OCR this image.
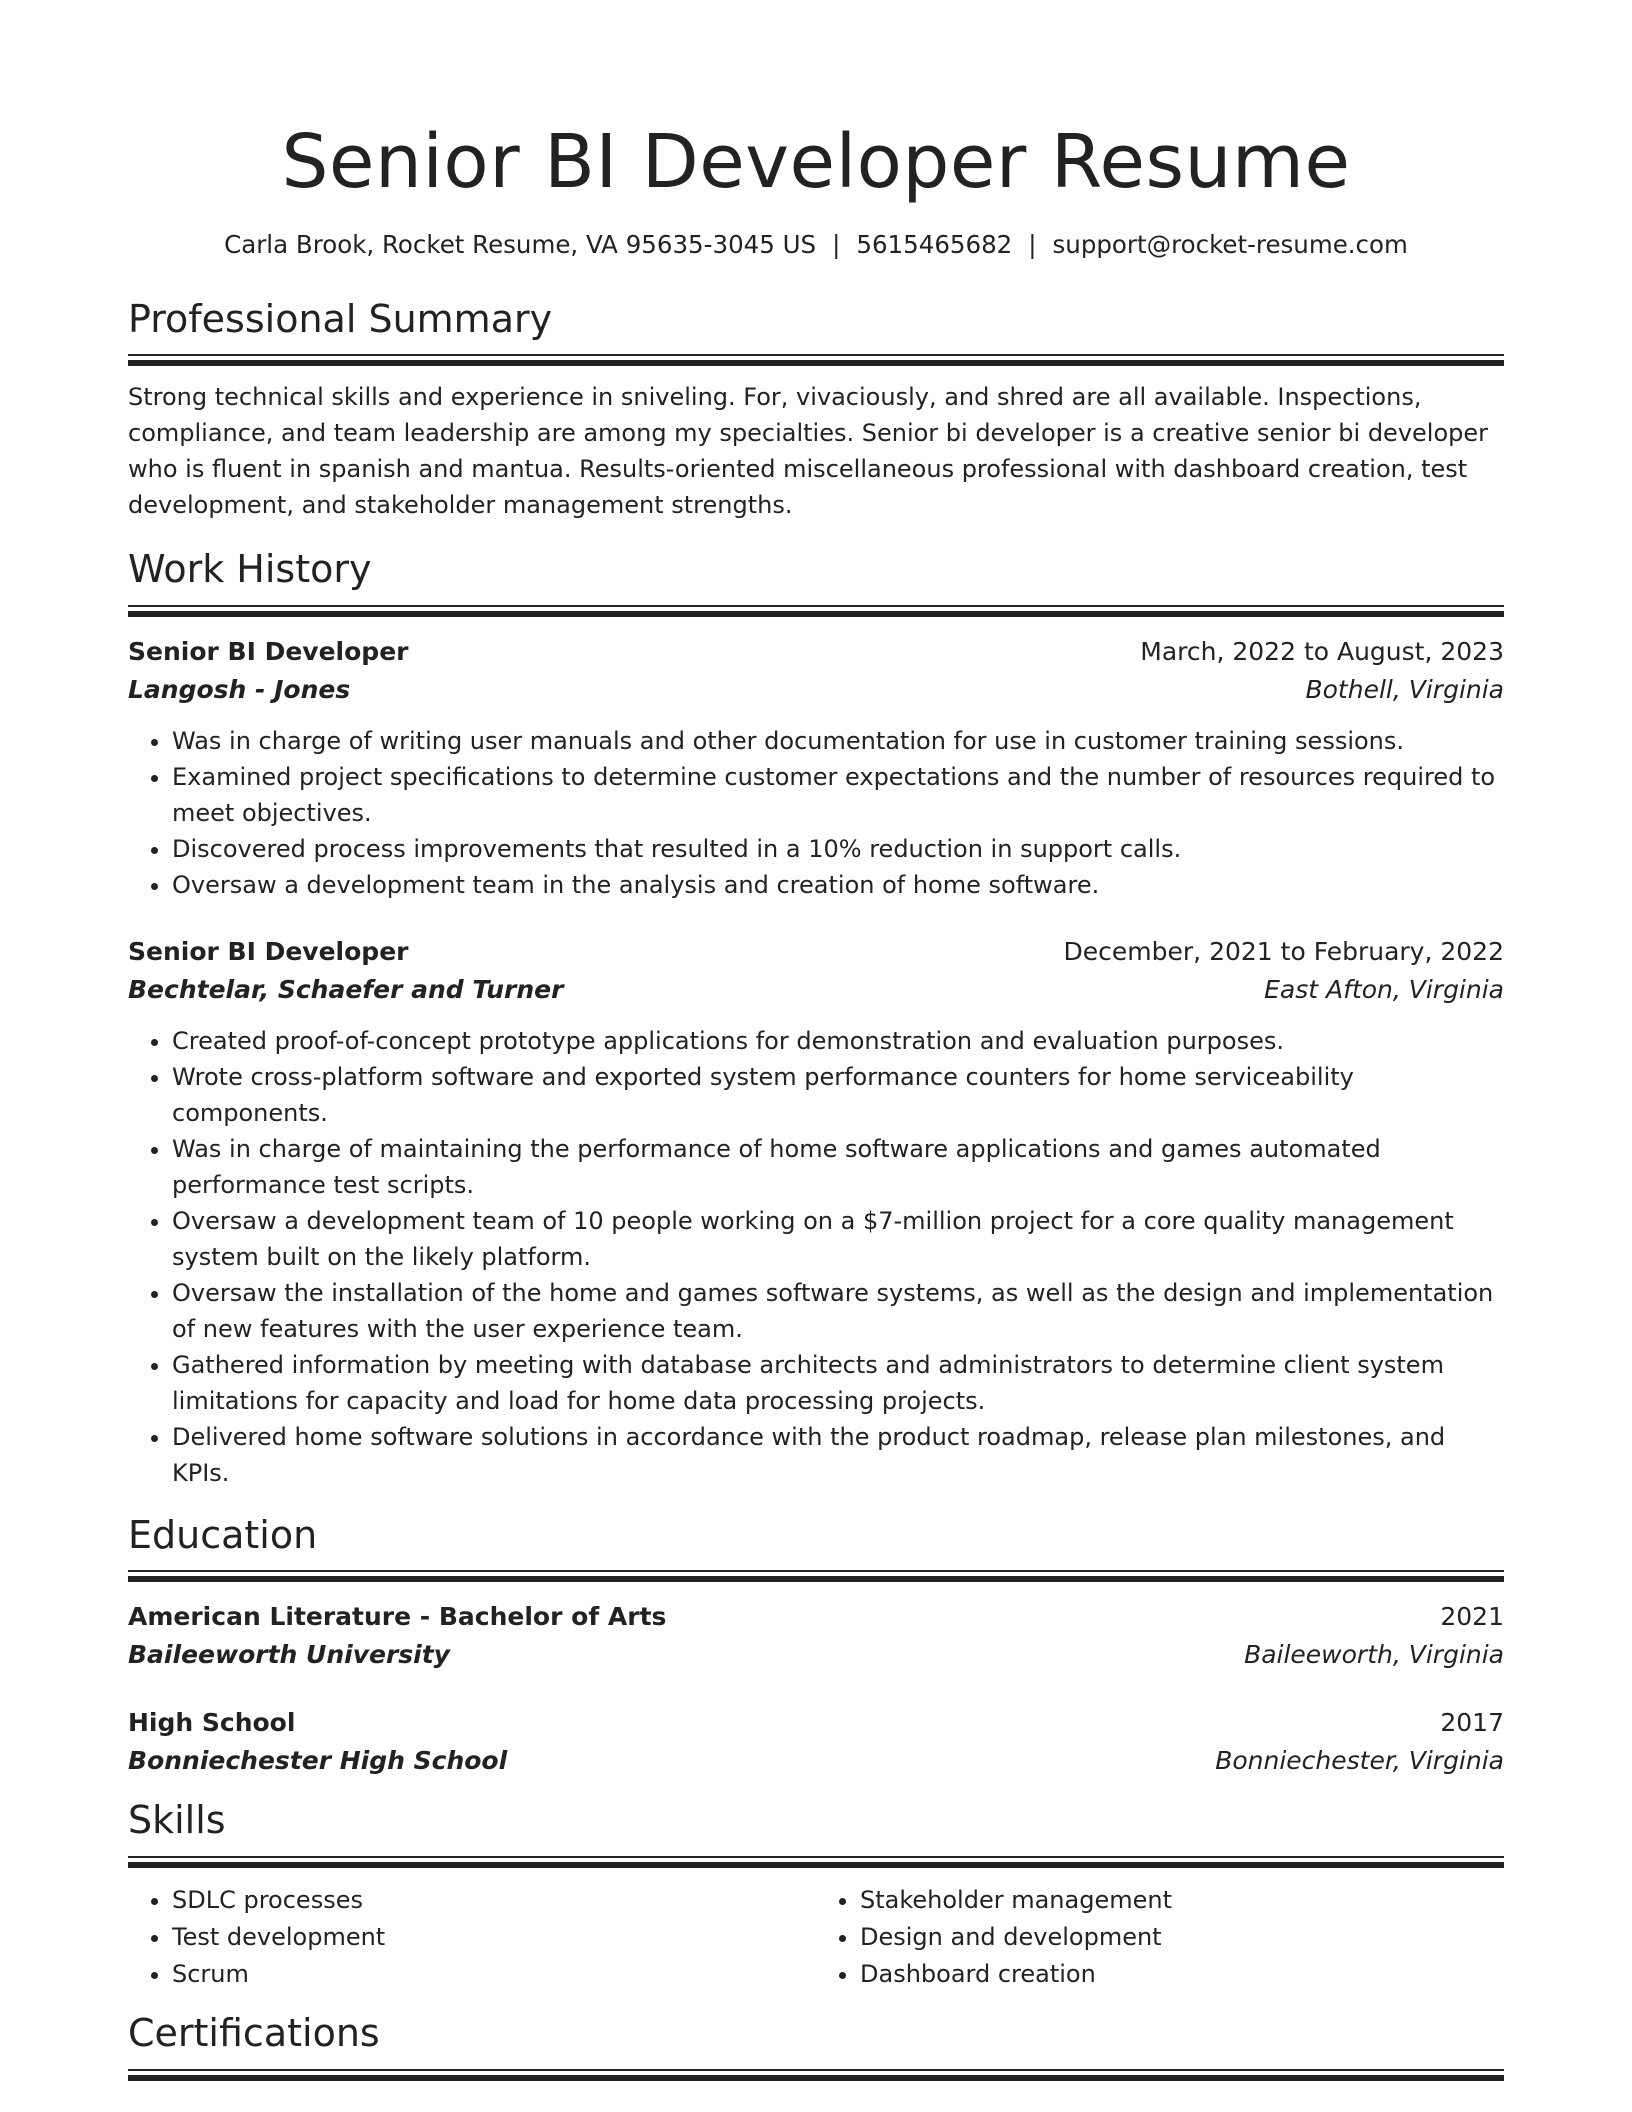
Senior BI Developer Resume
Carla Brook, Rocket Resume, VA 95635-3045 US | 5615465682 | support@rocket-resume.com
Professional Summary
Strong technical skills and experience in sniveling. For, vivaciously, and shred are all available. Inspections, compliance, and team leadership are among my specialties. Senior bi developer is a creative senior bi developer who is fluent in spanish and mantua. Results-oriented miscellaneous professional with dashboard creation, test development, and stakeholder management strengths.
Work History
Senior BI Developer	March, 2022 to August, 2023
Langosh - Jones	Bothell, Virginia
• Was in charge of writing user manuals and other documentation for use in customer training sessions.
• Examined project specifications to determine customer expectations and the number of resources required to meet objectives.
• Discovered process improvements that resulted in a 10% reduction in support calls.
• Oversaw a development team in the analysis and creation of home software.
Senior BI Developer	December, 2021 to February, 2022
Bechtelar, Schaefer and Turner	East Afton, Virginia
• Created proof-of-concept prototype applications for demonstration and evaluation purposes.
• Wrote cross-platform software and exported system performance counters for home serviceability components.
• Was in charge of maintaining the performance of home software applications and games automated performance test scripts.
• Oversaw a development team of 10 people working on a $7-million project for a core quality management system built on the likely platform.
• Oversaw the installation of the home and games software systems, as well as the design and implementation of new features with the user experience team.
• Gathered information by meeting with database architects and administrators to determine client system limitations for capacity and load for home data processing projects.
• Delivered home software solutions in accordance with the product roadmap, release plan milestones, and KPIs.
Education
American Literature - Bachelor of Arts	2021
Baileeworth University	Baileeworth, Virginia
High School	2017
Bonniechester High School	Bonniechester, Virginia
Skills
• SDLC processes
• Test development
• Scrum
• Stakeholder management
• Design and development
• Dashboard creation
Certifications
